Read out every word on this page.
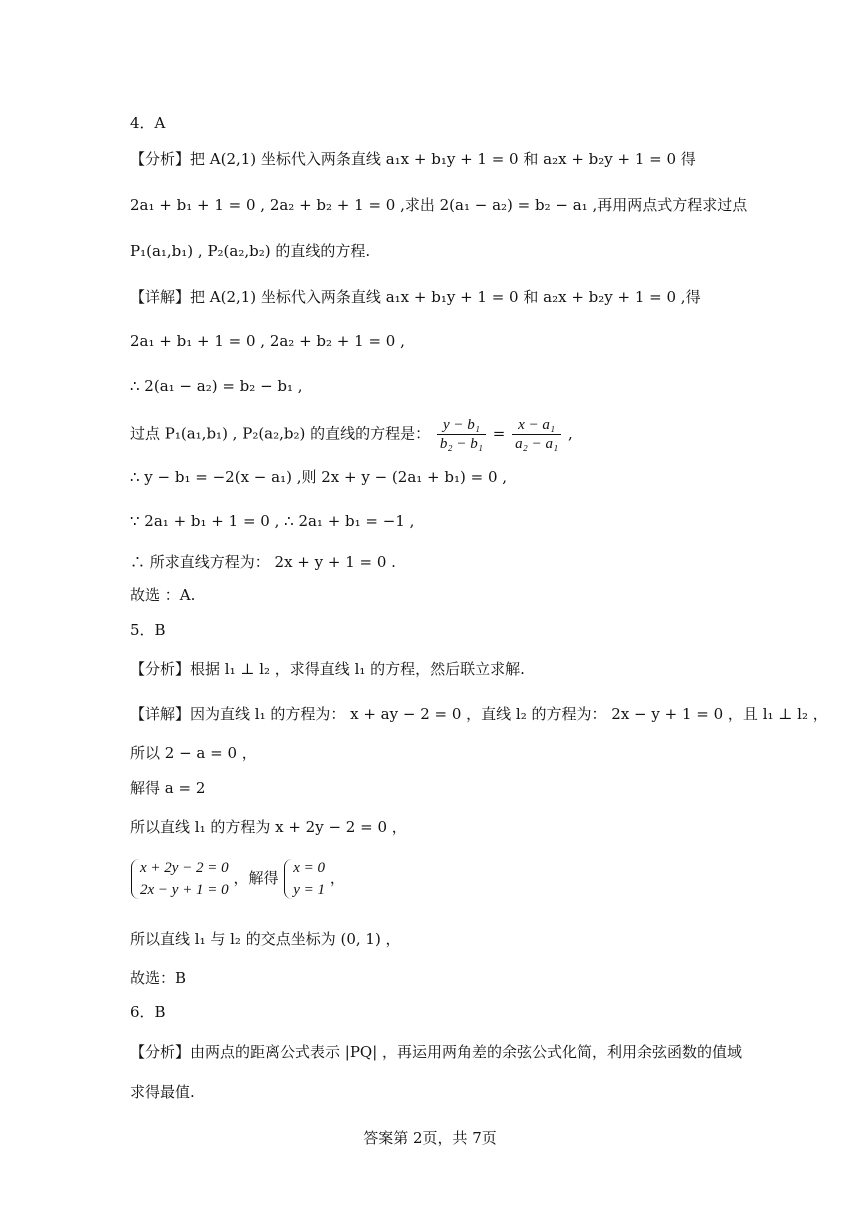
4．A
【分析】把 A(2,1) 坐标代入两条直线 a₁x + b₁y + 1 = 0 和 a₂x + b₂y + 1 = 0 得
2a₁ + b₁ + 1 = 0 , 2a₂ + b₂ + 1 = 0 ,求出 2(a₁ − a₂) = b₂ − a₁ ,再用两点式方程求过点
P₁(a₁,b₁) , P₂(a₂,b₂) 的直线的方程.
【详解】把 A(2,1) 坐标代入两条直线 a₁x + b₁y + 1 = 0 和 a₂x + b₂y + 1 = 0 ,得
2a₁ + b₁ + 1 = 0 , 2a₂ + b₂ + 1 = 0 ,
∴ 2(a₁ − a₂) = b₂ − b₁ ,
过点 P₁(a₁,b₁) , P₂(a₂,b₂) 的直线的方程是： $\frac{\text{y − b₁}}{\text{b₂ − b₁}} = \frac{\text{x − a₁}}{\text{a₂ − a₁}}$ ,
∴ y − b₁ = −2(x − a₁) ,则 2x + y − (2a₁ + b₁) = 0 ,
∵ 2a₁ + b₁ + 1 = 0 , ∴ 2a₁ + b₁ = −1 ,
∴ 所求直线方程为： 2x + y + 1 = 0 .
故选 ：A.
5．B
【分析】根据 l₁ ⊥ l₂ ，求得直线 l₁ 的方程，然后联立求解.
【详解】因为直线 l₁ 的方程为： x + ay − 2 = 0 ，直线 l₂ 的方程为： 2x − y + 1 = 0 ，且 l₁ ⊥ l₂ ，
所以 2 − a = 0 ，
解得 a = 2
所以直线 l₁ 的方程为 x + 2y − 2 = 0 ，
x + 2y − 2 = 0
2x − y + 1 = 0
，解得
x = 0
y = 1
，
所以直线 l₁ 与 l₂ 的交点坐标为 (0, 1) ，
故选：B
6．B
【分析】由两点的距离公式表示 |PQ| ，再运用两角差的余弦公式化简，利用余弦函数的值域
求得最值.
答案第 2页，共 7页
